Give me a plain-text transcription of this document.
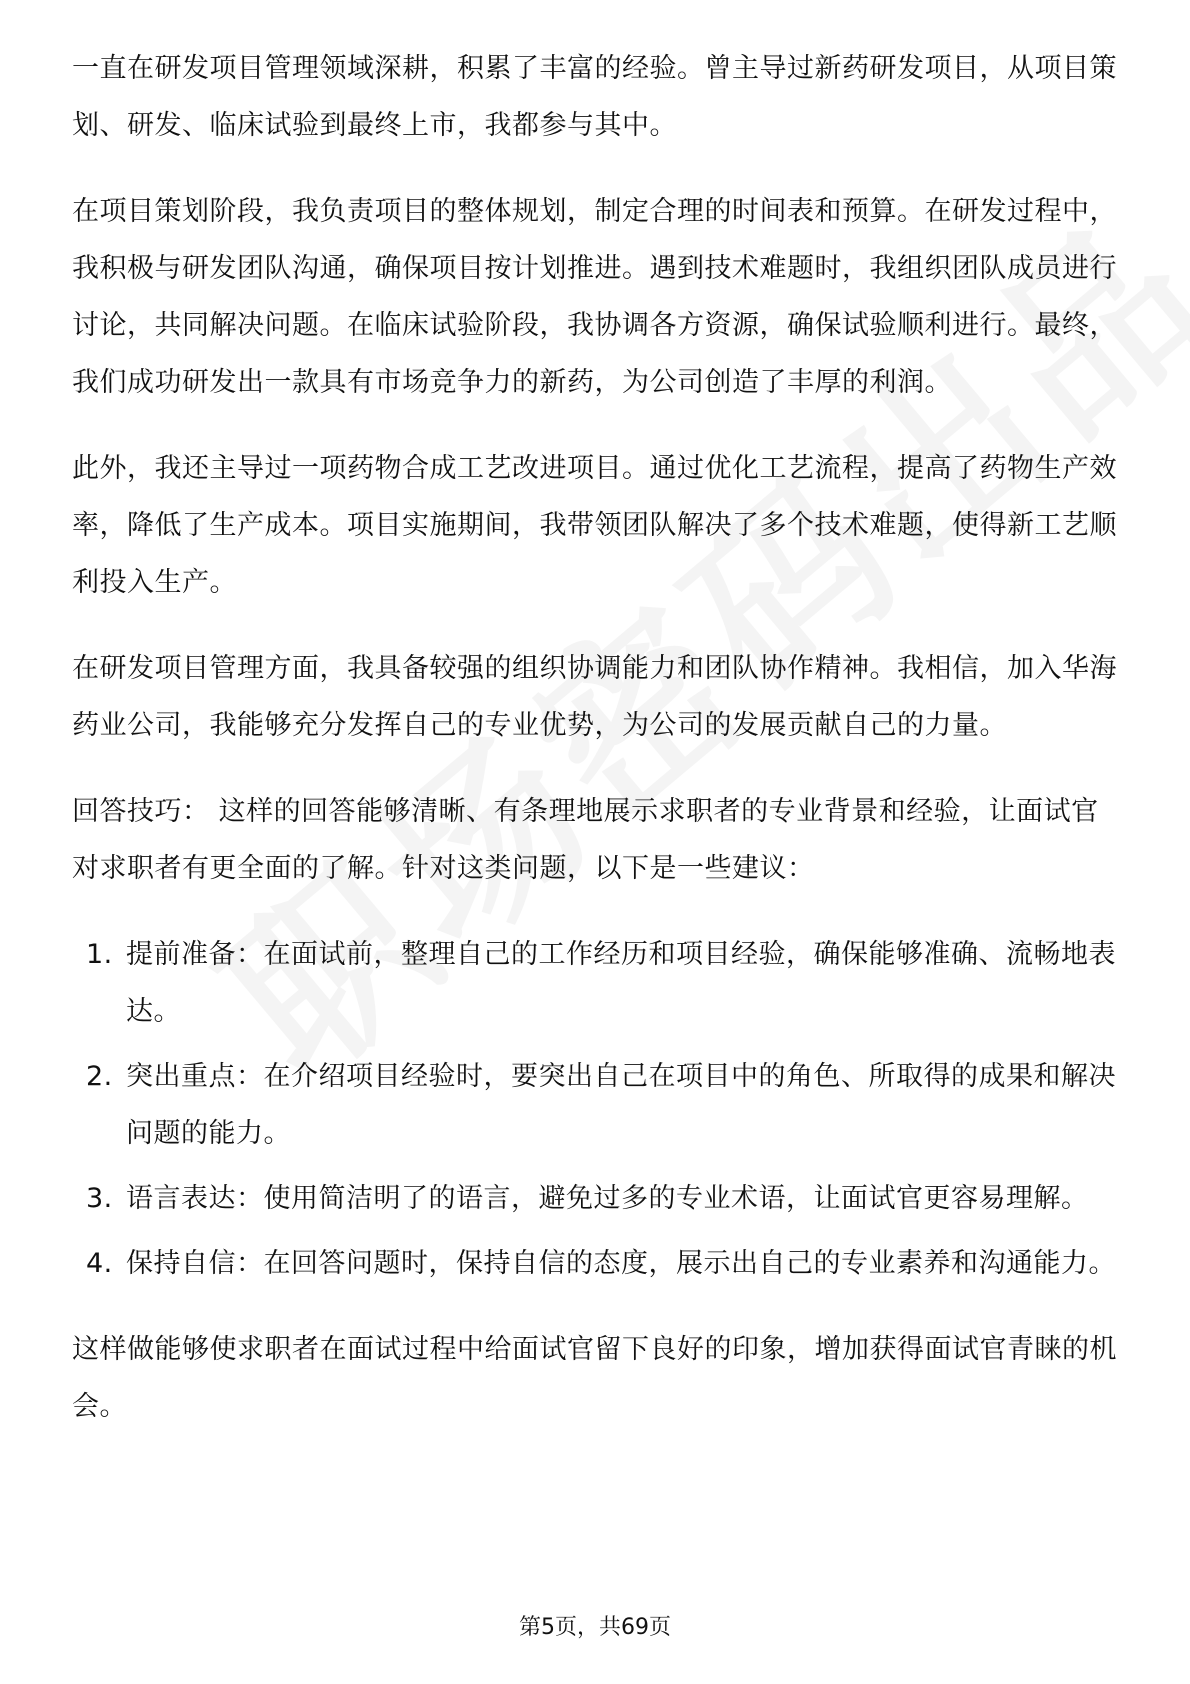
一直在研发项目管理领域深耕，积累了丰富的经验。曾主导过新药研发项目，从项目策划、研发、临床试验到最终上市，我都参与其中。

在项目策划阶段，我负责项目的整体规划，制定合理的时间表和预算。在研发过程中，我积极与研发团队沟通，确保项目按计划推进。遇到技术难题时，我组织团队成员进行讨论，共同解决问题。在临床试验阶段，我协调各方资源，确保试验顺利进行。最终，我们成功研发出一款具有市场竞争力的新药，为公司创造了丰厚的利润。

此外，我还主导过一项药物合成工艺改进项目。通过优化工艺流程，提高了药物生产效率，降低了生产成本。项目实施期间，我带领团队解决了多个技术难题，使得新工艺顺利投入生产。

在研发项目管理方面，我具备较强的组织协调能力和团队协作精神。我相信，加入华海药业公司，我能够充分发挥自己的专业优势，为公司的发展贡献自己的力量。

回答技巧： 这样的回答能够清晰、有条理地展示求职者的专业背景和经验，让面试官对求职者有更全面的了解。针对这类问题，以下是一些建议：

1. 提前准备：在面试前，整理自己的工作经历和项目经验，确保能够准确、流畅地表达。
2. 突出重点：在介绍项目经验时，要突出自己在项目中的角色、所取得的成果和解决问题的能力。
3. 语言表达：使用简洁明了的语言，避免过多的专业术语，让面试官更容易理解。
4. 保持自信：在回答问题时，保持自信的态度，展示出自己的专业素养和沟通能力。

这样做能够使求职者在面试过程中给面试官留下良好的印象，增加获得面试官青睐的机会。

第5页，共69页
